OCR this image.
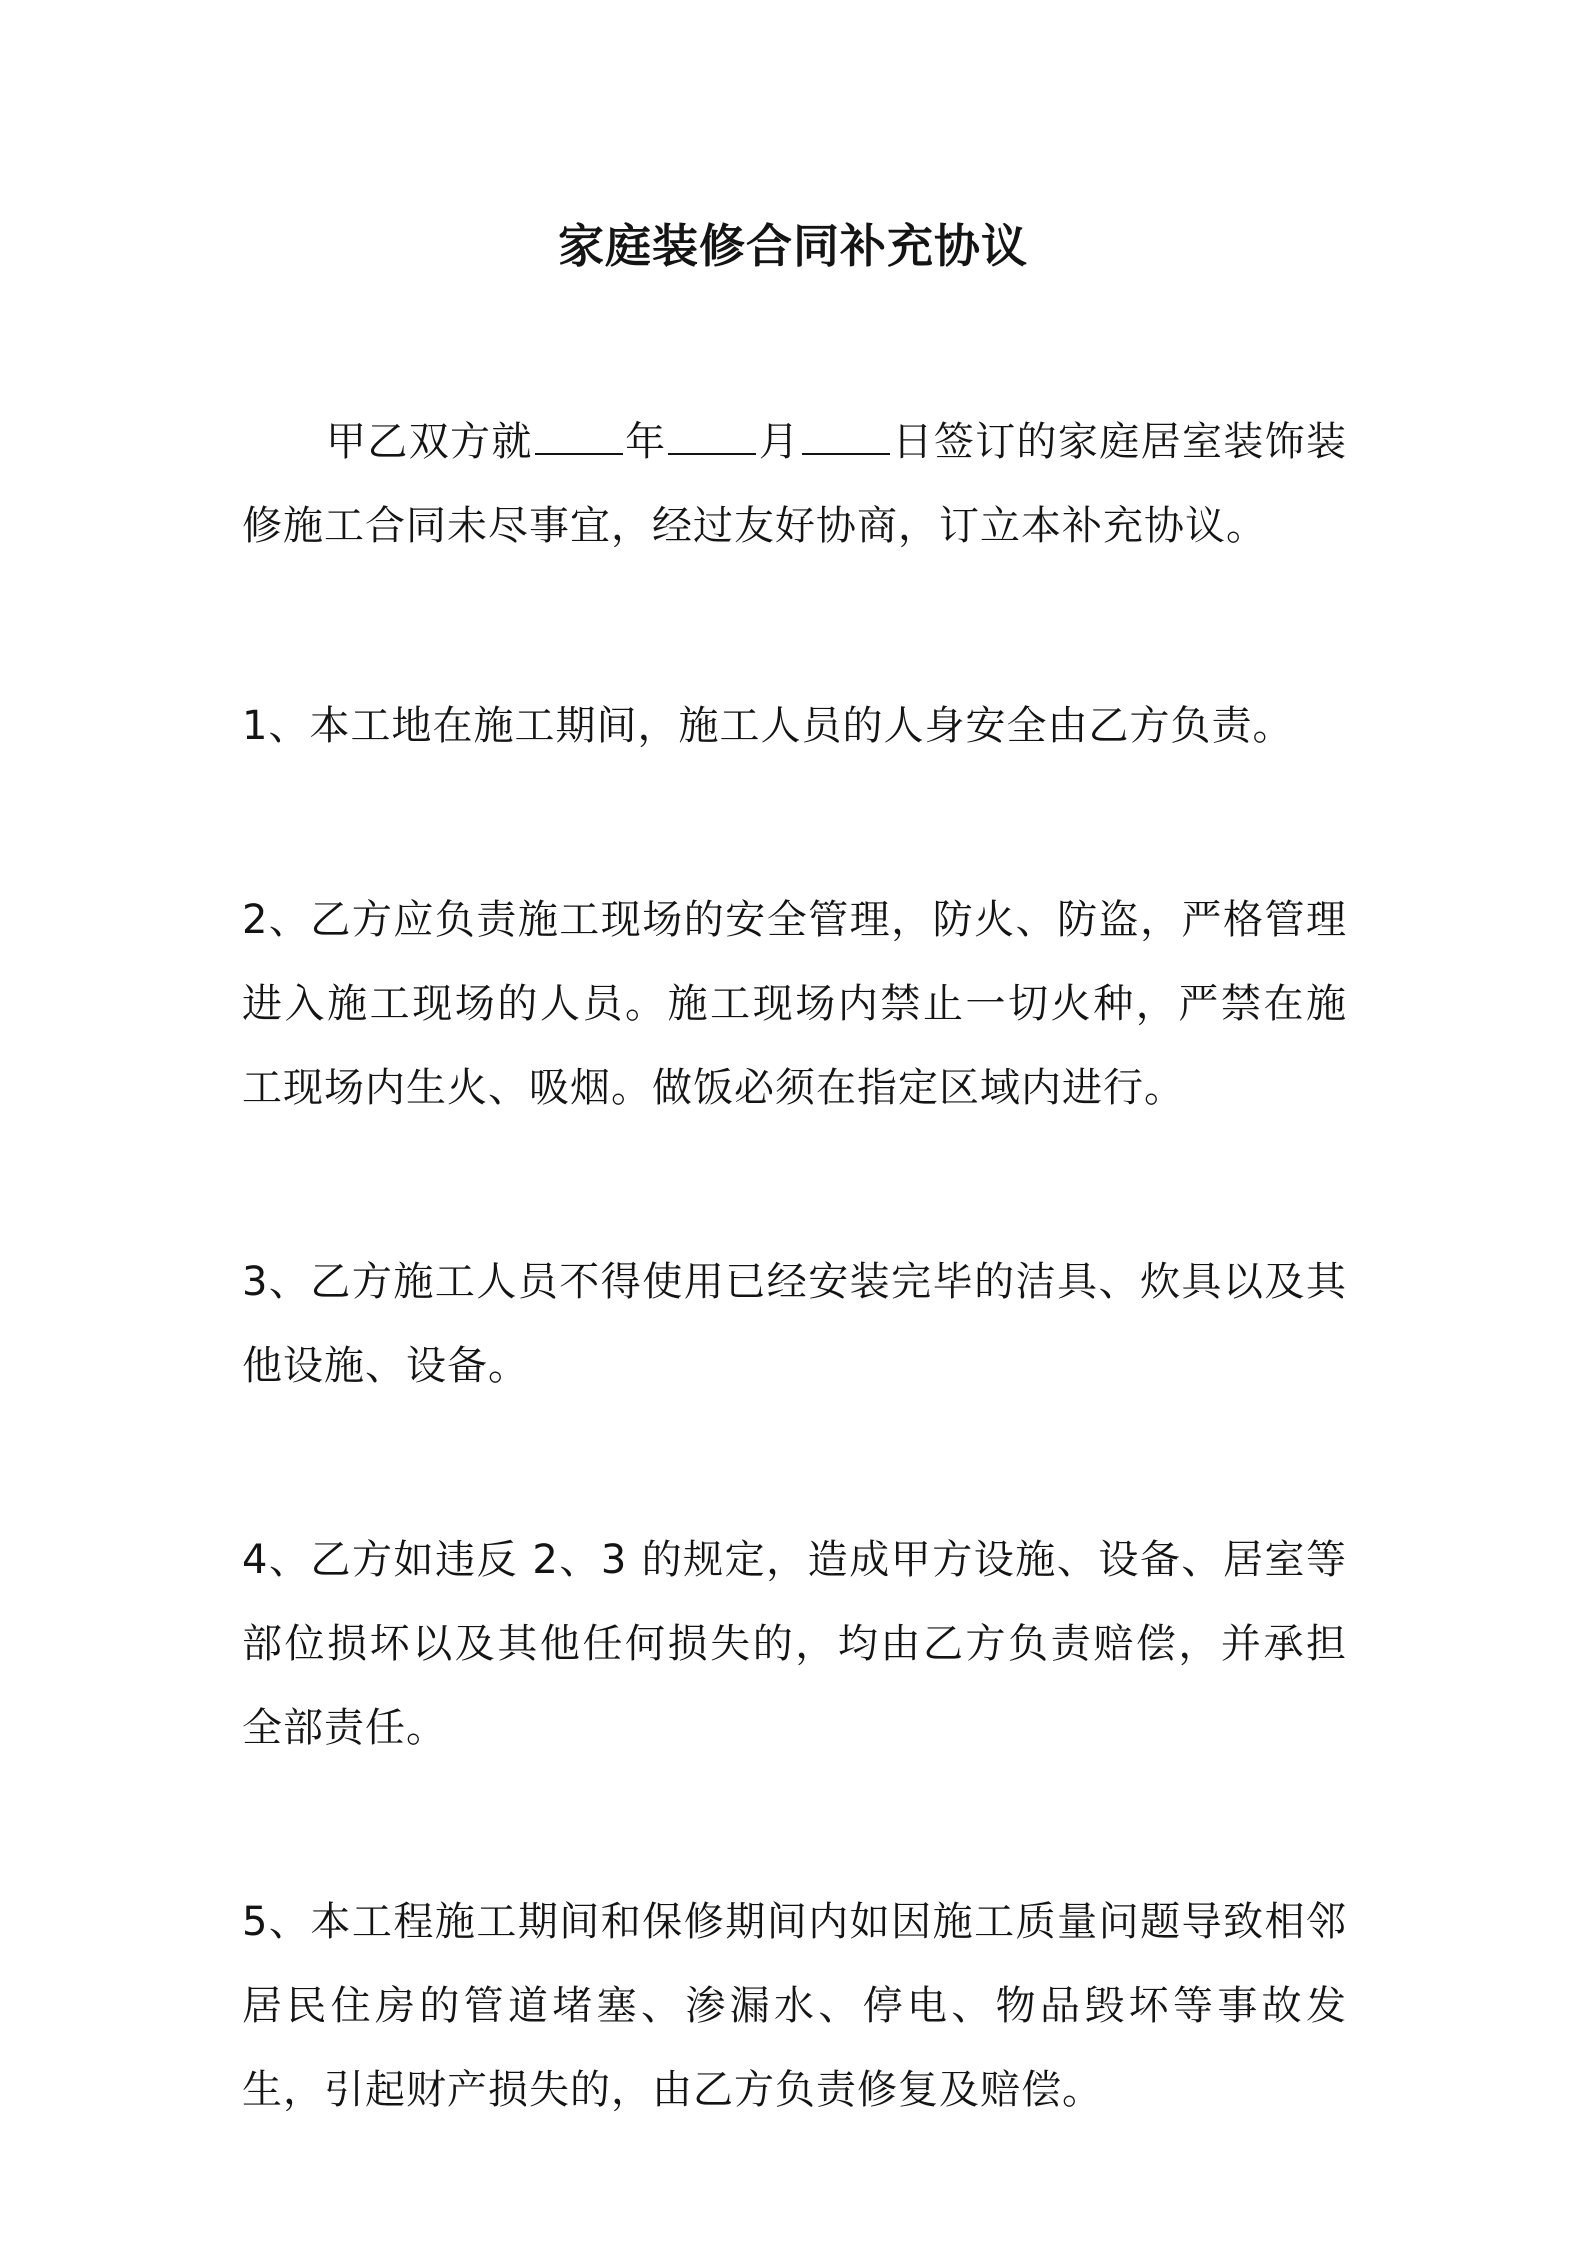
家庭装修合同补充协议

甲乙双方就 年 月 日签订的家庭居室装饰装修施工合同未尽事宜，经过友好协商，订立本补充协议。

1、本工地在施工期间，施工人员的人身安全由乙方负责。

2、乙方应负责施工现场的安全管理，防火、防盗，严格管理进入施工现场的人员。施工现场内禁止一切火种，严禁在施工现场内生火、吸烟。做饭必须在指定区域内进行。

3、乙方施工人员不得使用已经安装完毕的洁具、炊具以及其他设施、设备。

4、乙方如违反 2、3 的规定，造成甲方设施、设备、居室等部位损坏以及其他任何损失的，均由乙方负责赔偿，并承担全部责任。

5、本工程施工期间和保修期间内如因施工质量问题导致相邻居民住房的管道堵塞、渗漏水、停电、物品毁坏等事故发生，引起财产损失的，由乙方负责修复及赔偿。
